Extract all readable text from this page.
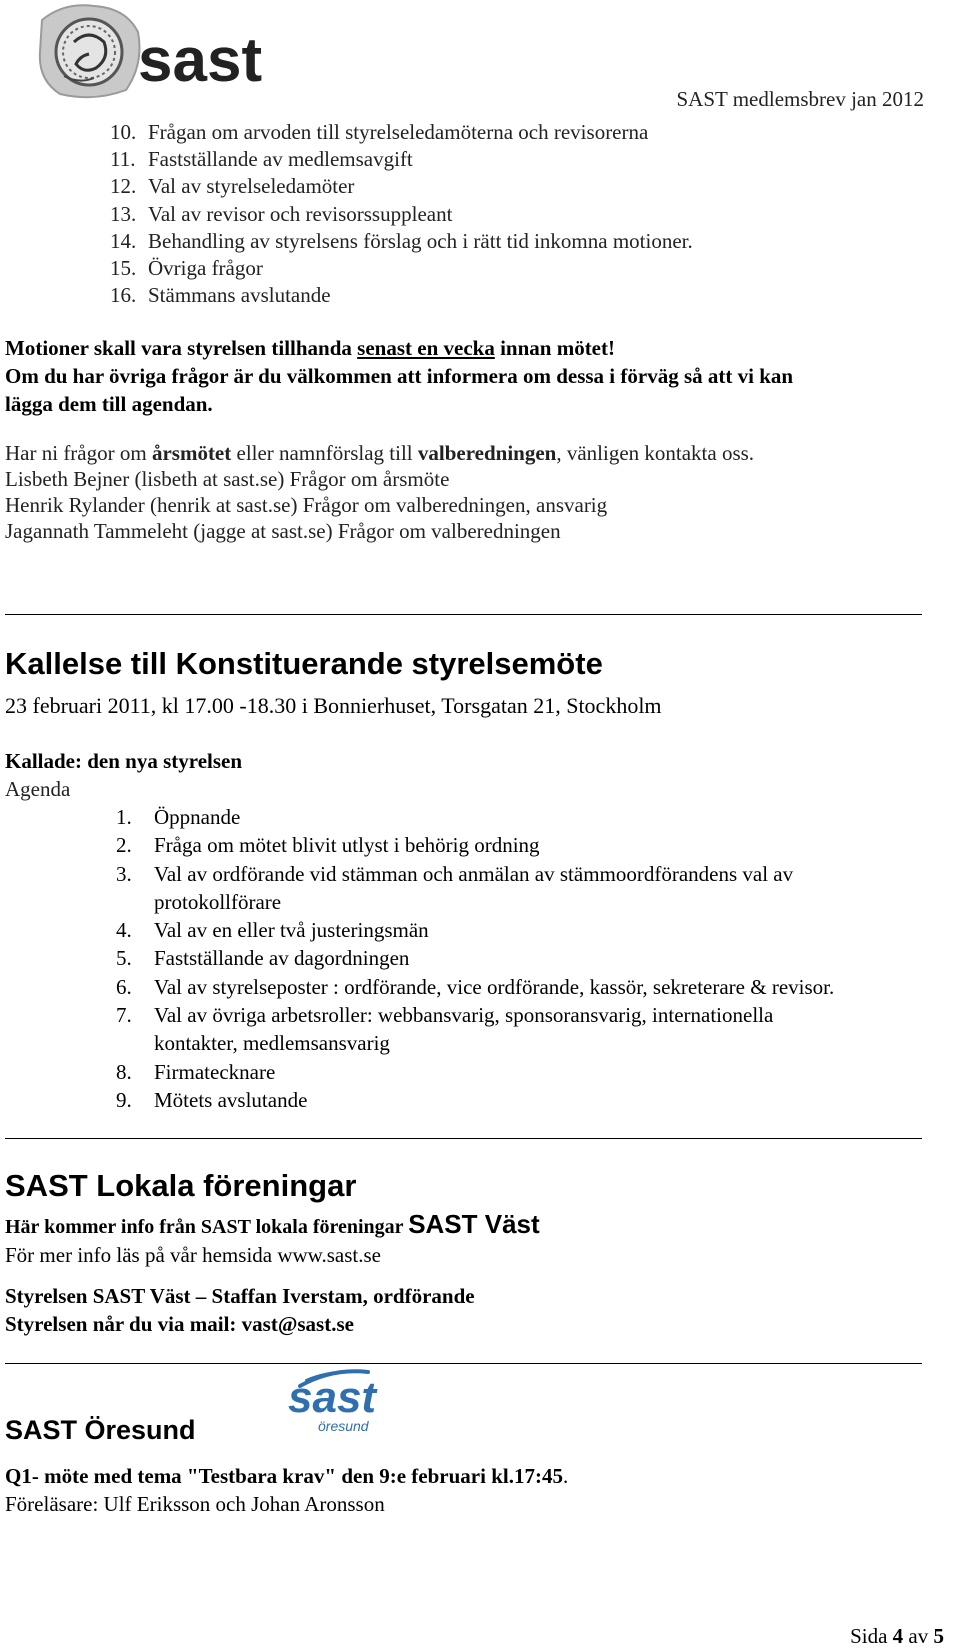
sast
SAST medlemsbrev jan 2012
10. Frågan om arvoden till styrelseledamöterna och revisorerna
11. Fastställande av medlemsavgift
12. Val av styrelseledamöter
13. Val av revisor och revisorssuppleant
14. Behandling av styrelsens förslag och i rätt tid inkomna motioner.
15. Övriga frågor
16. Stämmans avslutande
Motioner skall vara styrelsen tillhanda senast en vecka innan mötet!
Om du har övriga frågor är du välkommen att informera om dessa i förväg så att vi kan
lägga dem till agendan.
Har ni frågor om årsmötet eller namnförslag till valberedningen, vänligen kontakta oss.
Lisbeth Bejner (lisbeth at sast.se) Frågor om årsmöte
Henrik Rylander (henrik at sast.se) Frågor om valberedningen, ansvarig
Jagannath Tammeleht (jagge at sast.se) Frågor om valberedningen
Kallelse till Konstituerande styrelsemöte
23 februari 2011, kl 17.00 -18.30 i Bonnierhuset, Torsgatan 21, Stockholm
Kallade: den nya styrelsen
Agenda
1. Öppnande
2. Fråga om mötet blivit utlyst i behörig ordning
3. Val av ordförande vid stämman och anmälan av stämmoordförandens val av
protokollförare
4. Val av en eller två justeringsmän
5. Fastställande av dagordningen
6. Val av styrelseposter : ordförande, vice ordförande, kassör, sekreterare & revisor.
7. Val av övriga arbetsroller: webbansvarig, sponsoransvarig, internationella
kontakter, medlemsansvarig
8. Firmatecknare
9. Mötets avslutande
SAST Lokala föreningar
Här kommer info från SAST lokala föreningar SAST Väst
För mer info läs på vår hemsida www.sast.se
Styrelsen SAST Väst – Staffan Iverstam, ordförande
Styrelsen når du via mail: vast@sast.se
SAST Öresund
sast
öresund
Q1- möte med tema "Testbara krav" den 9:e februari kl.17:45.
Föreläsare: Ulf Eriksson och Johan Aronsson
Sida 4 av 5
